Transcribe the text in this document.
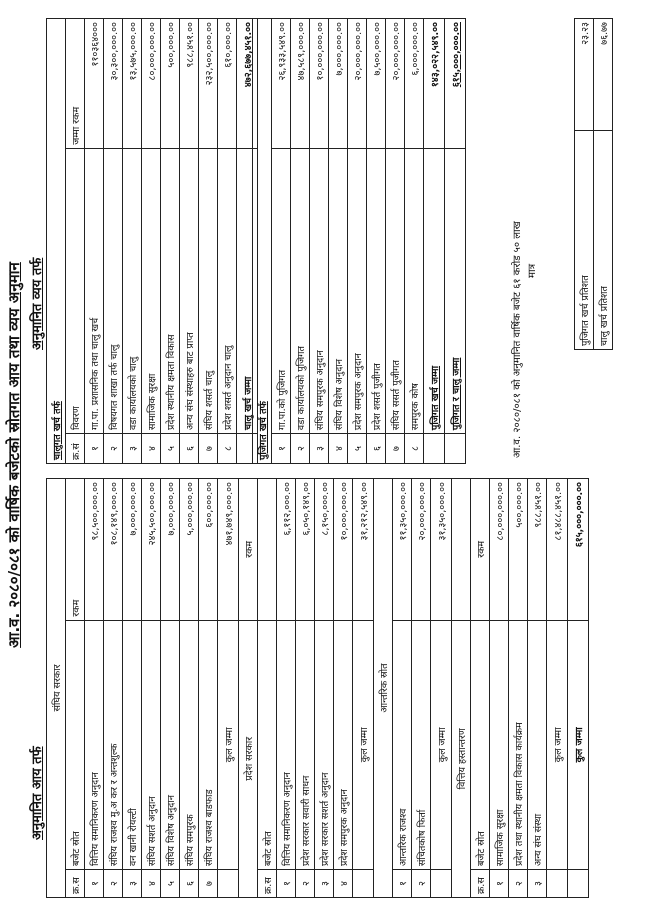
आ.व. २०८०/०८१ को वार्षिक बजेटको स्रोतगत आय तथा व्यय अनुमान
अनुमानित आय तर्फ
संघिय सरकार		
क्र.स	बजेट स्रोत	रकम
१	वित्तिय समानिकरण अनुदान	९८,५००,०००.००
२	संघिय राजश्व मु.अ कर र अन्तशुल्क	१०८,१४९,०००.००
३	वन खानी रोयल्टी	७,०००,०००.००
४	संघिय सशर्त अनुदान	२४५,५००,०००.००
५	संघिय विशेष अनुदान	७,०००,०००.००
६	संघिय समपुरक	५,०००,०००.००
७	संघिय राजश्व बाडफाड	६००,०००.००
	कुल जम्मा	४७१,७४९,०००.००
प्रदेश सरकार		रकम
क्र.स	बजेट स्रोत	
१	वित्तिय समानिकरण अनुदान	६,११२,०००.००
२	प्रदेश सरकार सवारी साधन	६,०५०,१४९,००
३	प्रदेश सरकार सशर्त अनुदान	८,१५०,०००.००
४	प्रदेश समपुरक अनुदान	१०,०००,०००.००
	कुल जम्मा	३१,२१२,५४९.००
आन्तरिक स्रोत		
१	आन्तरिक राजश्व	११,३५०,०००.००
२	संचितकोष फिर्ता	२०,०००,०००.००
	कुल जम्मा	३१,३५०,०००.००
वित्तिय हस्तान्तरण		
क्र.स	बजेट स्रोत	रकम
१	सामाजिक सुरक्षा	८०,०००,०००.००
२	प्रदेश तथा स्थानीय क्षमता विकास कार्यक्रम	५००,०००.००
३	अन्य संघ संस्था	९८८,४५१.००
	कुल जम्मा	८१,४८८,४५१.००
	कुल जम्मा	६१५,०००,०००.००
अनुमानित व्यय तर्फ
चालुगत खर्च तर्फ		
क्र.सं	विवरण	जम्मा रकम
१	गा.पा. प्रशासनिक तथा चालु खर्च	११०३६४०००
२	विषयगत शाखा तर्फ चालु	३०,३००,०००.००
३	वडा कार्यालयको चालु	१३,५७५,०००.००
४	सामाजिक सुरक्षा	८०,०००,०००.००
५	प्रदेश स्थानीय क्षमता विकास	५००,०००.००
६	अन्य संघ संस्थाहरु बाट प्राप्त	९८८,४५१.००
७	संघिय शसर्त चालु	२३२,५००,०००.००
८	प्रदेश शसर्त अनुदान चालु	६१०,०००.००
	चालु खर्च जम्मा	४७२,६७७,४५१.००
पुजिगत खर्च तर्फ		
१	गा.पा.को पुजिगत	२६,९३३,५४९.००
२	वडा कार्यालयको पुजिगत	४७,५८९,०००.००
३	संघिय समपुरक अनुदान	१०,०००,०००.००
४	संघिय विशेष अनुदान	७,०००,०००.००
५	प्रदेश समपुरक अनुदान	२०,०००,०००.००
६	प्रदेश शसर्त पुजीगत	७,५००,०००.००
७	संघिय ससर्त पुजीगत	२०,०००,०००.००
८	समपुरक कोष	६,०००,०००.००
	पुजिगत खर्च जम्मा	१४३,०२२,५४९.००
	पुजिगत र चालु जम्मा	६१५,०००,०००.००
आ.व. २०८०/०८१ को अनुमानित वार्षिक बजेट ६१ करोड ५० लाख मात्र
पुजिगत खर्च प्रतिशत	२३.२३
चालु खर्च प्रतिशत	७६.७७
